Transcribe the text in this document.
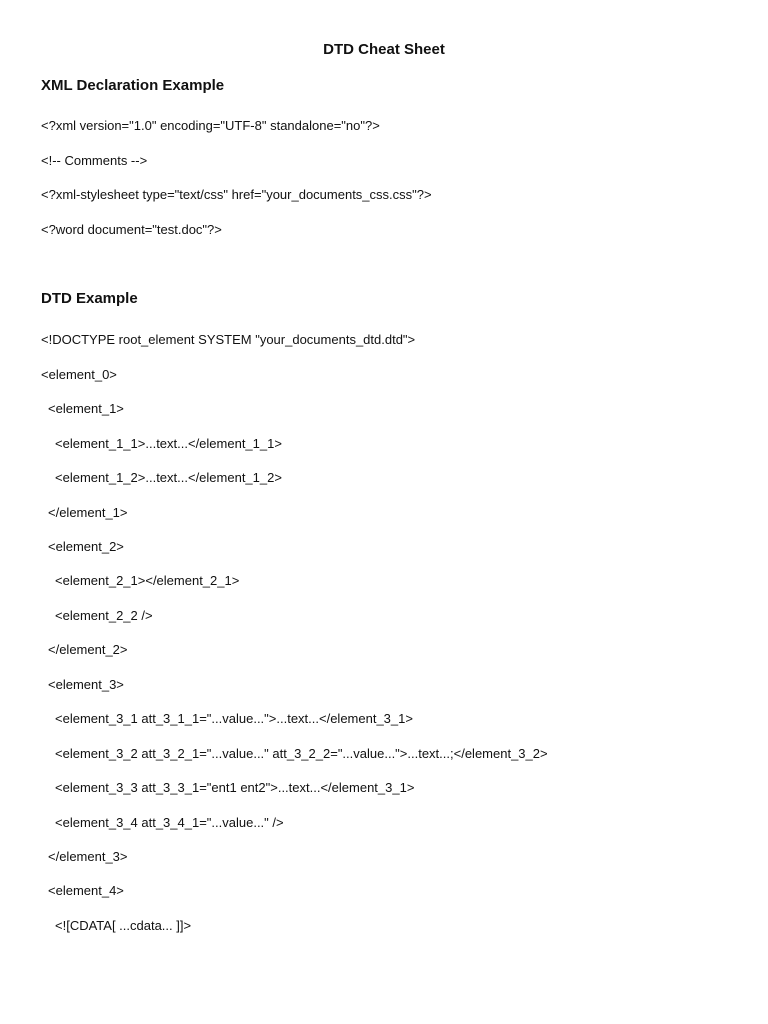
DTD Cheat Sheet
XML Declaration Example

<?xml version="1.0" encoding="UTF-8" standalone="no"?>

<!-- Comments -->

<?xml-stylesheet type="text/css" href="your_documents_css.css"?>

<?word document="test.doc"?>

DTD Example

<!DOCTYPE root_element SYSTEM "your_documents_dtd.dtd">

<element_0>

<element_1>

<element_1_1>...text...</element_1_1>

<element_1_2>...text...</element_1_2>

</element_1>

<element_2>

<element_2_1></element_2_1>

<element_2_2 />

</element_2>

<element_3>

<element_3_1 att_3_1_1="...value...">...text...</element_3_1>

<element_3_2 att_3_2_1="...value..." att_3_2_2="...value...">...text...;</element_3_2>

<element_3_3 att_3_3_1="ent1 ent2">...text...</element_3_1>

<element_3_4 att_3_4_1="...value..." />

</element_3>

<element_4>

<![CDATA[ ...cdata... ]]>
